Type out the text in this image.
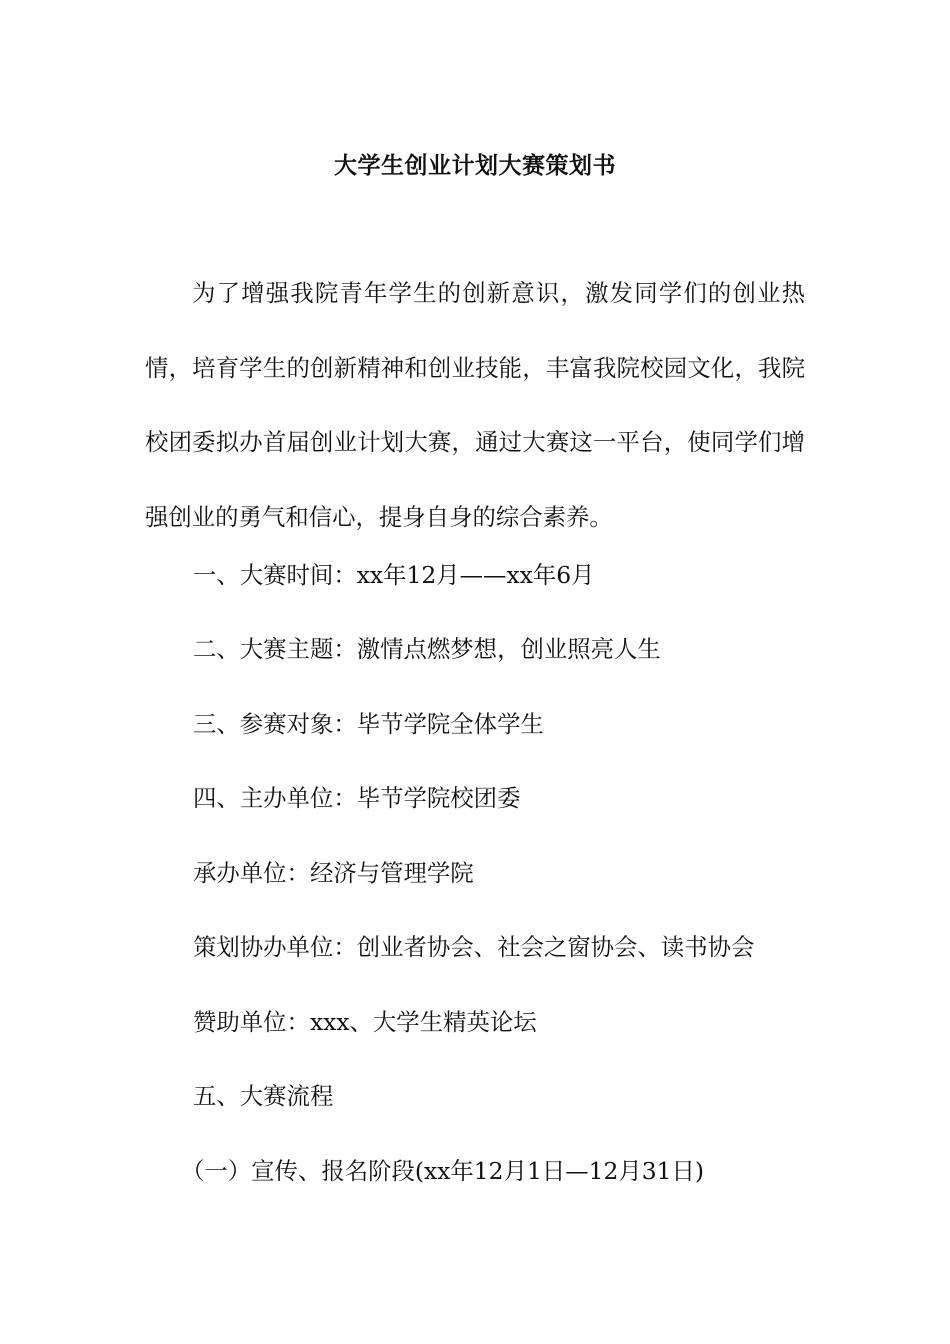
大学生创业计划大赛策划书

为了增强我院青年学生的创新意识，激发同学们的创业热情，培育学生的创新精神和创业技能，丰富我院校园文化，我院校团委拟办首届创业计划大赛，通过大赛这一平台，使同学们增强创业的勇气和信心，提身自身的综合素养。

一、大赛时间：xx年12月——xx年6月

二、大赛主题：激情点燃梦想，创业照亮人生

三、参赛对象：毕节学院全体学生

四、主办单位：毕节学院校团委

承办单位：经济与管理学院

策划协办单位：创业者协会、社会之窗协会、读书协会

赞助单位：xxx、大学生精英论坛

五、大赛流程

（一）宣传、报名阶段(xx年12月1日—12月31日)
